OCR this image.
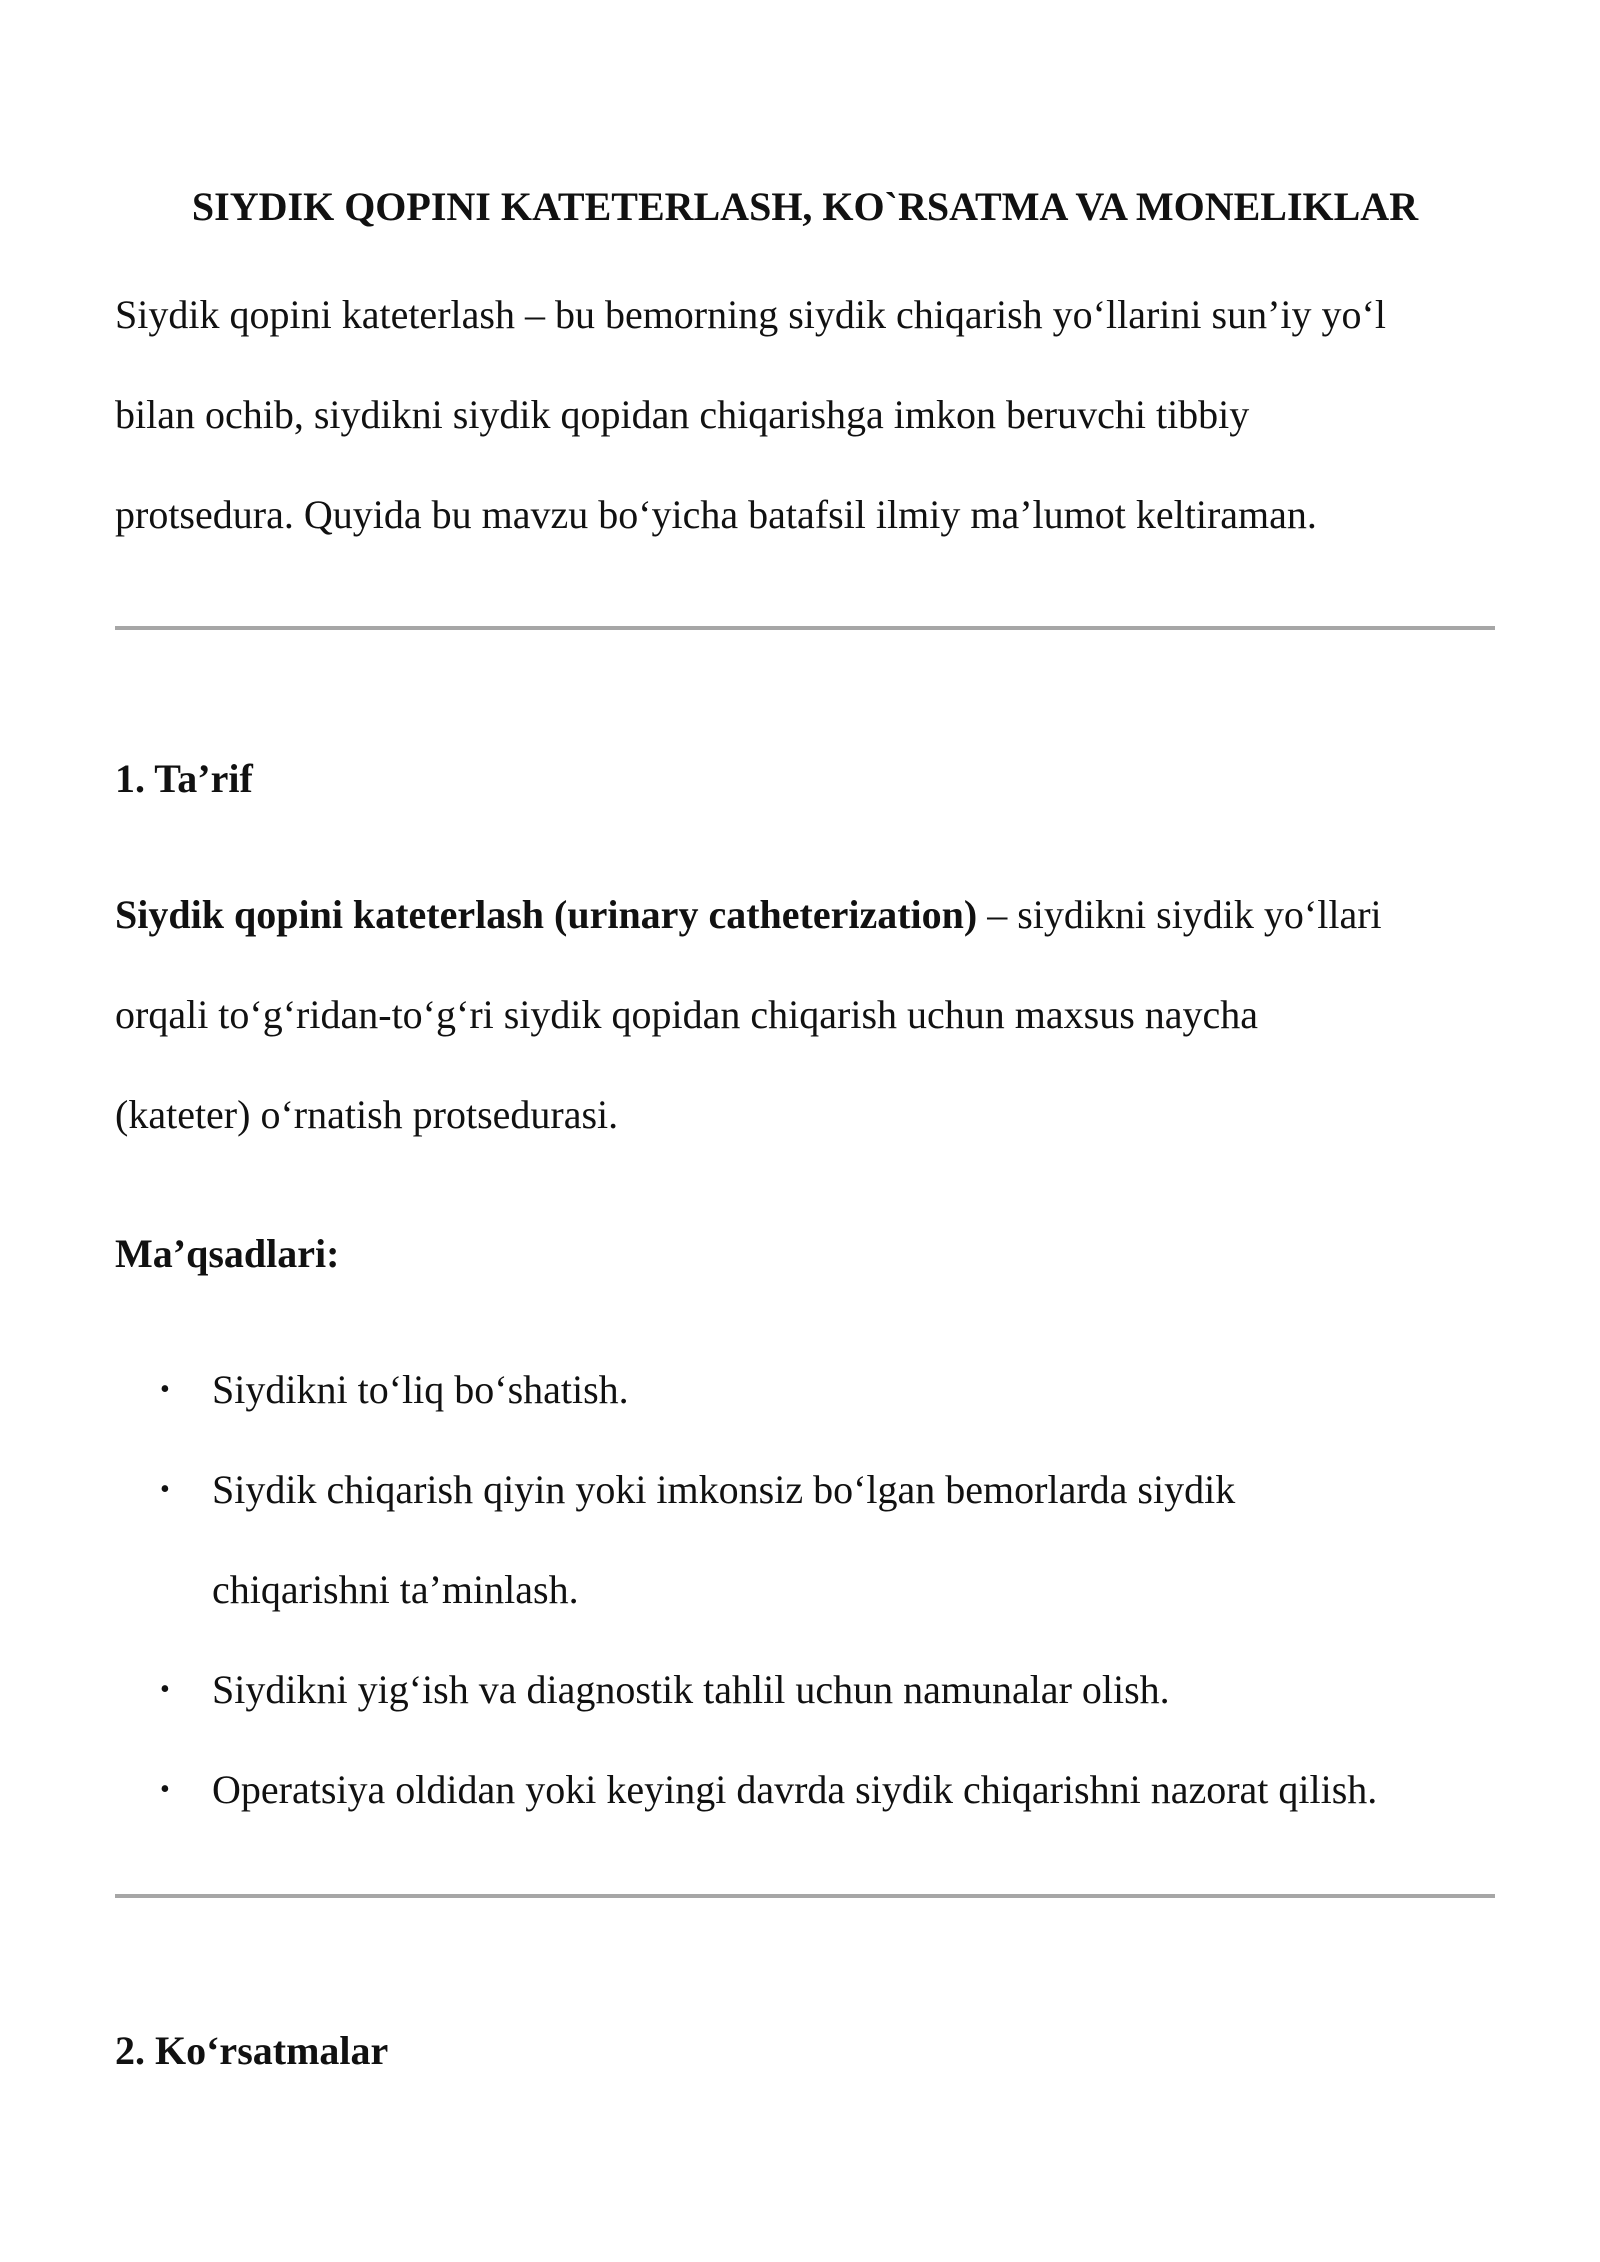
SIYDIK QOPINI KATETERLASH, KO`RSATMA VA MONELIKLAR

Siydik qopini kateterlash – bu bemorning siydik chiqarish yo‘llarini sun’iy yo‘l
bilan ochib, siydikni siydik qopidan chiqarishga imkon beruvchi tibbiy
protsedura. Quyida bu mavzu bo‘yicha batafsil ilmiy ma’lumot keltiraman.

1. Ta’rif

Siydik qopini kateterlash (urinary catheterization) – siydikni siydik yo‘llari
orqali to‘g‘ridan-to‘g‘ri siydik qopidan chiqarish uchun maxsus naycha
(kateter) o‘rnatish protsedurasi.

Ma’qsadlari:
• Siydikni to‘liq bo‘shatish.
• Siydik chiqarish qiyin yoki imkonsiz bo‘lgan bemorlarda siydik
chiqarishni ta’minlash.
• Siydikni yig‘ish va diagnostik tahlil uchun namunalar olish.
• Operatsiya oldidan yoki keyingi davrda siydik chiqarishni nazorat qilish.
2. Ko‘rsatmalar
